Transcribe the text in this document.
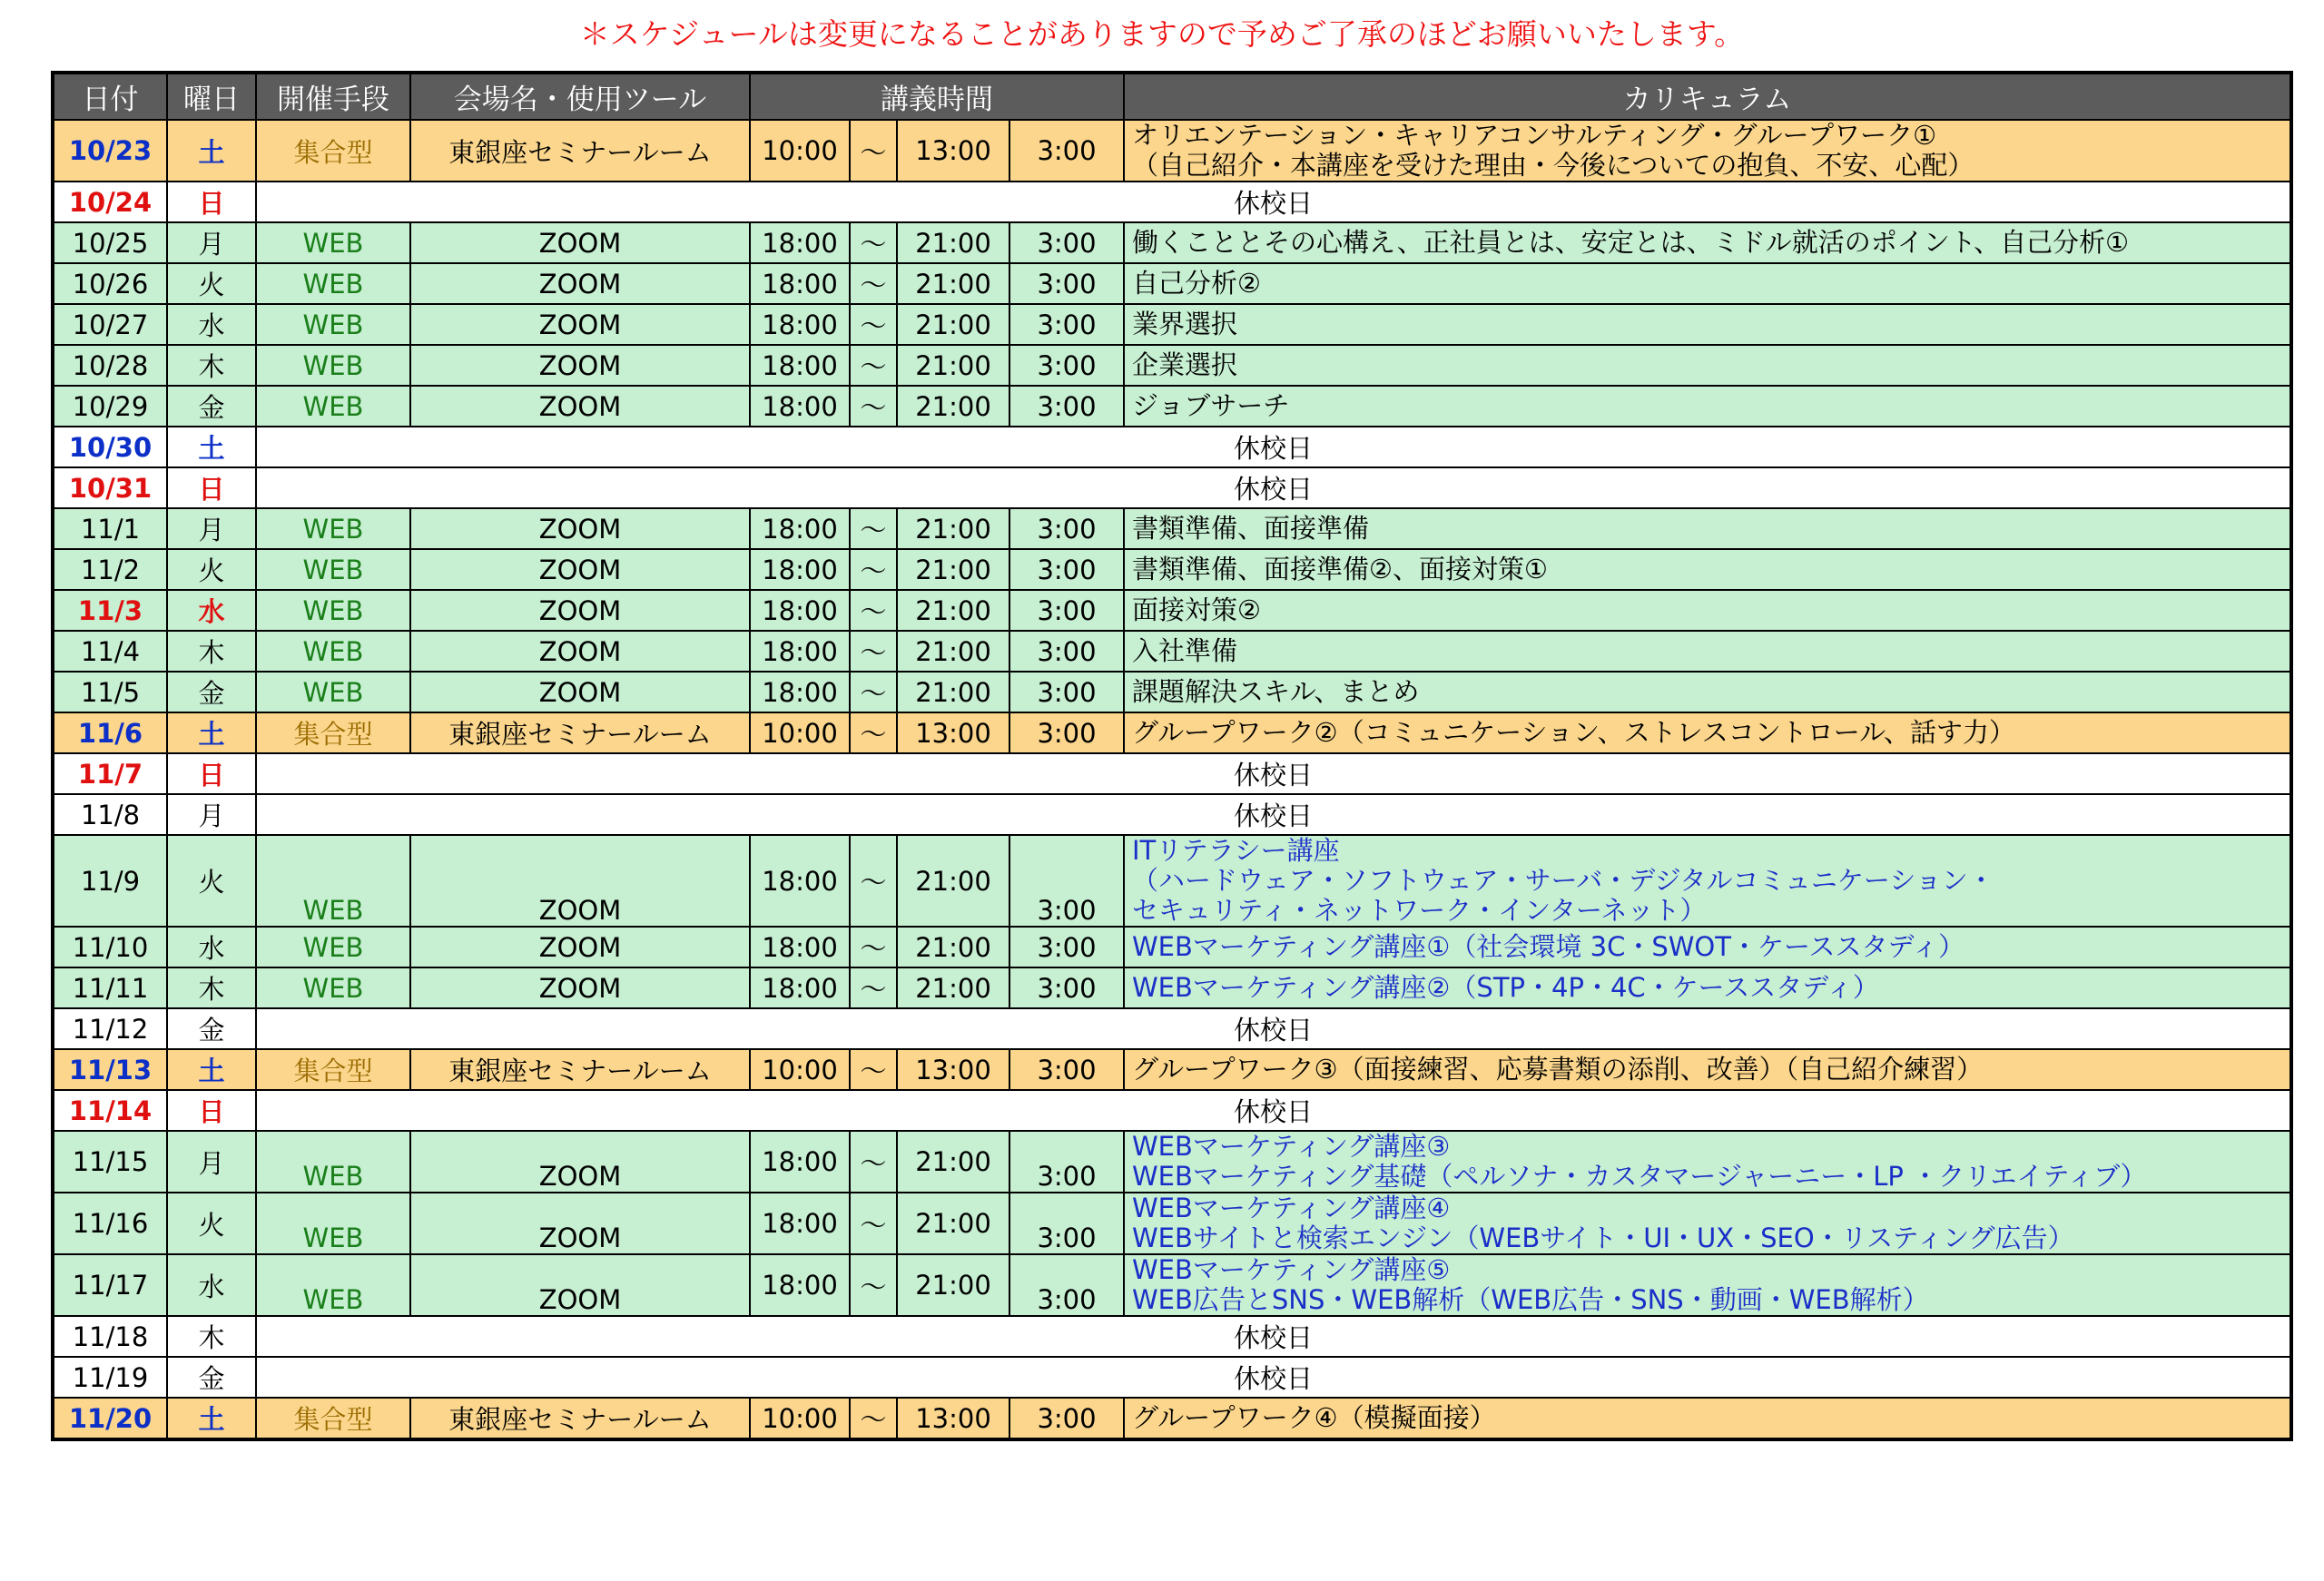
＊スケジュールは変更になることがありますので予めご了承のほどお願いいたします。
日付	曜日	開催手段	会場名・使用ツール	講義時間				カリキュラム
10/23	土	集合型	東銀座セミナールーム	10:00	〜	13:00	3:00	オリエンテーション・キャリアコンサルティング・グループワーク①
（自己紹介・本講座を受けた理由・今後についての抱負、不安、心配）

10/24	日	休校日						
10/25	月	WEB	ZOOM	18:00	〜	21:00	3:00	働くこととその心構え、正社員とは、安定とは、ミドル就活のポイント、自己分析①

10/26	火	WEB	ZOOM	18:00	〜	21:00	3:00	自己分析②

10/27	水	WEB	ZOOM	18:00	〜	21:00	3:00	業界選択

10/28	木	WEB	ZOOM	18:00	〜	21:00	3:00	企業選択

10/29	金	WEB	ZOOM	18:00	〜	21:00	3:00	ジョブサーチ

10/30	土	休校日						
10/31	日	休校日						
11/1	月	WEB	ZOOM	18:00	〜	21:00	3:00	書類準備、面接準備

11/2	火	WEB	ZOOM	18:00	〜	21:00	3:00	書類準備、面接準備②、面接対策①

11/3	水	WEB	ZOOM	18:00	〜	21:00	3:00	面接対策②

11/4	木	WEB	ZOOM	18:00	〜	21:00	3:00	入社準備

11/5	金	WEB	ZOOM	18:00	〜	21:00	3:00	課題解決スキル、まとめ

11/6	土	集合型	東銀座セミナールーム	10:00	〜	13:00	3:00	グループワーク②（コミュニケーション、ストレスコントロール、話す力）

11/7	日	休校日						
11/8	月	休校日						
11/9	火	WEB	ZOOM	18:00	〜	21:00	3:00	ITリテラシー講座
（ハードウェア・ソフトウェア・サーバ・デジタルコミュニケーション・
セキュリティ・ネットワーク・インターネット）

11/10	水	WEB	ZOOM	18:00	〜	21:00	3:00	WEBマーケティング講座①（社会環境 3C・SWOT・ケーススタディ）

11/11	木	WEB	ZOOM	18:00	〜	21:00	3:00	WEBマーケティング講座②（STP・4P・4C・ケーススタディ）

11/12	金	休校日						
11/13	土	集合型	東銀座セミナールーム	10:00	〜	13:00	3:00	グループワーク③（面接練習、応募書類の添削、改善）（自己紹介練習）

11/14	日	休校日						
11/15	月	WEB	ZOOM	18:00	〜	21:00	3:00	WEBマーケティング講座③
WEBマーケティング基礎（ペルソナ・カスタマージャーニー・LP ・クリエイティブ）

11/16	火	WEB	ZOOM	18:00	〜	21:00	3:00	WEBマーケティング講座④
WEBサイトと検索エンジン（WEBサイト・UI・UX・SEO・リスティング広告）

11/17	水	WEB	ZOOM	18:00	〜	21:00	3:00	WEBマーケティング講座⑤
WEB広告とSNS・WEB解析（WEB広告・SNS・動画・WEB解析）

11/18	木	休校日						
11/19	金	休校日						
11/20	土	集合型	東銀座セミナールーム	10:00	〜	13:00	3:00	グループワーク④（模擬面接）
